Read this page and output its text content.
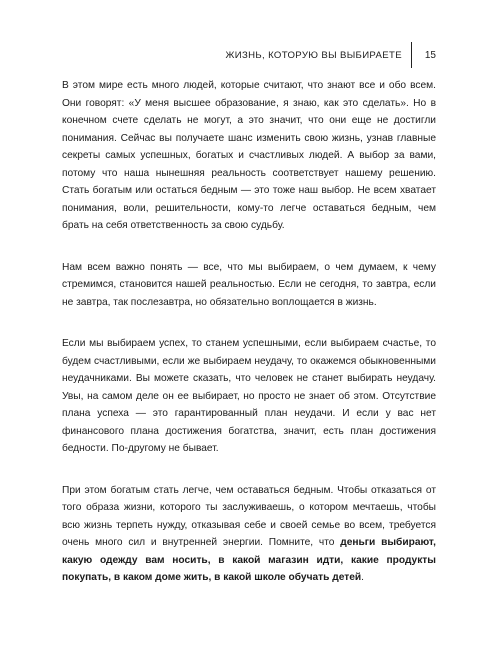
ЖИЗНЬ, КОТОРУЮ ВЫ ВЫБИРАЕТЕ 15

В этом мире есть много людей, которые считают, что знают все и обо всем. Они говорят: «У меня высшее образование, я знаю, как это сделать». Но в конечном счете сделать не могут, а это значит, что они еще не достигли понимания. Сейчас вы получаете шанс изменить свою жизнь, узнав главные секреты самых успешных, богатых и счастливых людей. А выбор за вами, потому что наша нынешняя реальность соответствует нашему решению. Стать богатым или остаться бедным — это тоже наш выбор. Не всем хватает понимания, воли, решительности, кому-то легче оставаться бедным, чем брать на себя ответственность за свою судьбу.

Нам всем важно понять — все, что мы выбираем, о чем думаем, к чему стремимся, становится нашей реальностью. Если не сегодня, то завтра, если не завтра, так послезавтра, но обязательно воплощается в жизнь.

Если мы выбираем успех, то станем успешными, если выбираем счастье, то будем счастливыми, если же выбираем неудачу, то окажемся обыкновенными неудачниками. Вы можете сказать, что человек не станет выбирать неудачу. Увы, на самом деле он ее выбирает, но просто не знает об этом. Отсутствие плана успеха — это гарантированный план неудачи. И если у вас нет финансового плана достижения богатства, значит, есть план достижения бедности. По-другому не бывает.

При этом богатым стать легче, чем оставаться бедным. Чтобы отказаться от того образа жизни, которого ты заслуживаешь, о котором мечтаешь, чтобы всю жизнь терпеть нужду, отказывая себе и своей семье во всем, требуется очень много сил и внутренней энергии. Помните, что деньги выбирают, какую одежду вам носить, в какой магазин идти, какие продукты покупать, в каком доме жить, в какой школе обучать детей.
